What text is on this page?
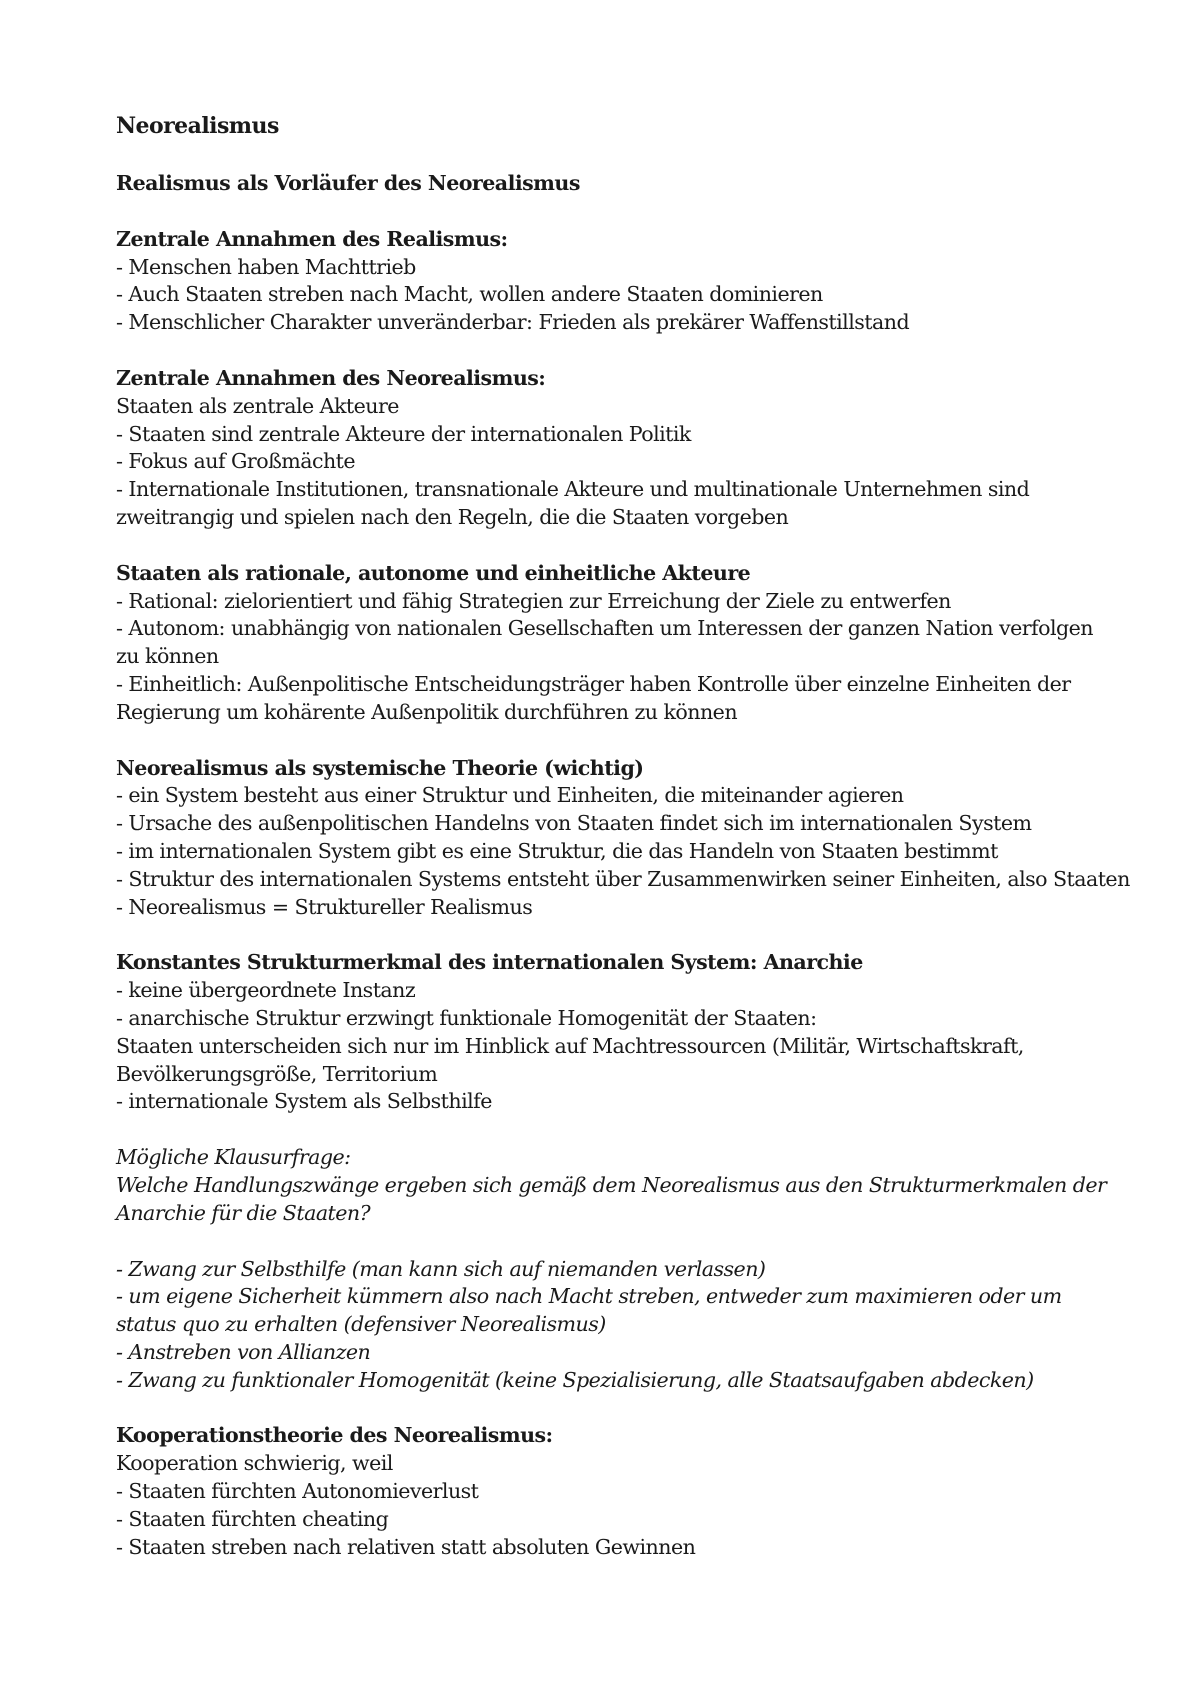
Neorealismus
Realismus als Vorläufer des Neorealismus
Zentrale Annahmen des Realismus:
- Menschen haben Machttrieb
- Auch Staaten streben nach Macht, wollen andere Staaten dominieren
- Menschlicher Charakter unveränderbar: Frieden als prekärer Waffenstillstand
Zentrale Annahmen des Neorealismus:
Staaten als zentrale Akteure
- Staaten sind zentrale Akteure der internationalen Politik
- Fokus auf Großmächte
- Internationale Institutionen, transnationale Akteure und multinationale Unternehmen sind
zweitrangig und spielen nach den Regeln, die die Staaten vorgeben
Staaten als rationale, autonome und einheitliche Akteure
- Rational: zielorientiert und fähig Strategien zur Erreichung der Ziele zu entwerfen
- Autonom: unabhängig von nationalen Gesellschaften um Interessen der ganzen Nation verfolgen
zu können
- Einheitlich: Außenpolitische Entscheidungsträger haben Kontrolle über einzelne Einheiten der
Regierung um kohärente Außenpolitik durchführen zu können
Neorealismus als systemische Theorie (wichtig)
- ein System besteht aus einer Struktur und Einheiten, die miteinander agieren
- Ursache des außenpolitischen Handelns von Staaten findet sich im internationalen System
- im internationalen System gibt es eine Struktur, die das Handeln von Staaten bestimmt
- Struktur des internationalen Systems entsteht über Zusammenwirken seiner Einheiten, also Staaten
- Neorealismus = Struktureller Realismus
Konstantes Strukturmerkmal des internationalen System: Anarchie
- keine übergeordnete Instanz
- anarchische Struktur erzwingt funktionale Homogenität der Staaten:
Staaten unterscheiden sich nur im Hinblick auf Machtressourcen (Militär, Wirtschaftskraft,
Bevölkerungsgröße, Territorium
- internationale System als Selbsthilfe
Mögliche Klausurfrage:
Welche Handlungszwänge ergeben sich gemäß dem Neorealismus aus den Strukturmerkmalen der
Anarchie für die Staaten?
- Zwang zur Selbsthilfe (man kann sich auf niemanden verlassen)
- um eigene Sicherheit kümmern also nach Macht streben, entweder zum maximieren oder um
status quo zu erhalten (defensiver Neorealismus)
- Anstreben von Allianzen
- Zwang zu funktionaler Homogenität (keine Spezialisierung, alle Staatsaufgaben abdecken)
Kooperationstheorie des Neorealismus:
Kooperation schwierig, weil
- Staaten fürchten Autonomieverlust
- Staaten fürchten cheating
- Staaten streben nach relativen statt absoluten Gewinnen
